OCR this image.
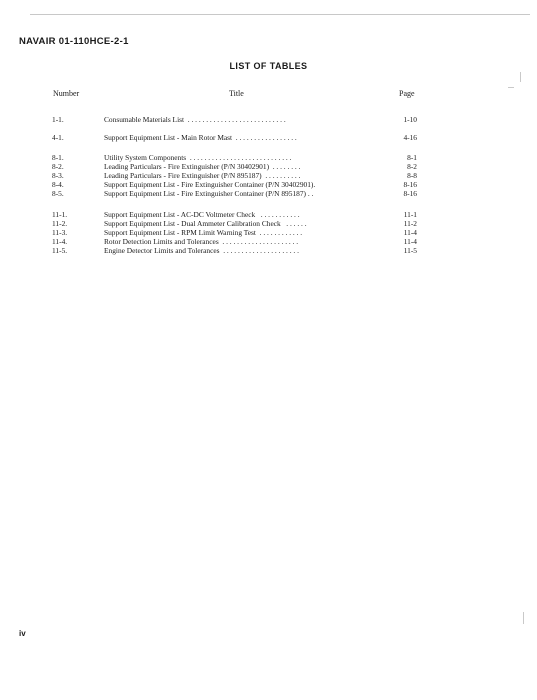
NAVAIR 01-110HCE-2-1
LIST OF TABLES
Number	Title	Page
1-1.	Consumable Materials List  . . . . . . . . . . . . . . . . . . . . . . . . . . .	1-10
4-1.	Support Equipment List - Main Rotor Mast  . . . . . . . . . . . . . . . . .	4-16
8-1.	Utility System Components  . . . . . . . . . . . . . . . . . . . . . . . . . . . .	8-1
8-2.	Leading Particulars - Fire Extinguisher (P/N 30402901)  . . . . . . . .	8-2
8-3.	Leading Particulars - Fire Extinguisher (P/N 895187)  . . . . . . . . . .	8-8
8-4.	Support Equipment List - Fire Extinguisher Container (P/N 30402901).	8-16
8-5.	Support Equipment List - Fire Extinguisher Container (P/N 895187) . .	8-16
11-1.	Support Equipment List - AC-DC Voltmeter Check   . . . . . . . . . . .	11-1
11-2.	Support Equipment List - Dual Ammeter Calibration Check   . . . . . .	11-2
11-3.	Support Equipment List - RPM Limit Warning Test  . . . . . . . . . . . .	11-4
11-4.	Rotor Detection Limits and Tolerances  . . . . . . . . . . . . . . . . . . . . .	11-4
11-5.	Engine Detector Limits and Tolerances  . . . . . . . . . . . . . . . . . . . . .	11-5
iv
